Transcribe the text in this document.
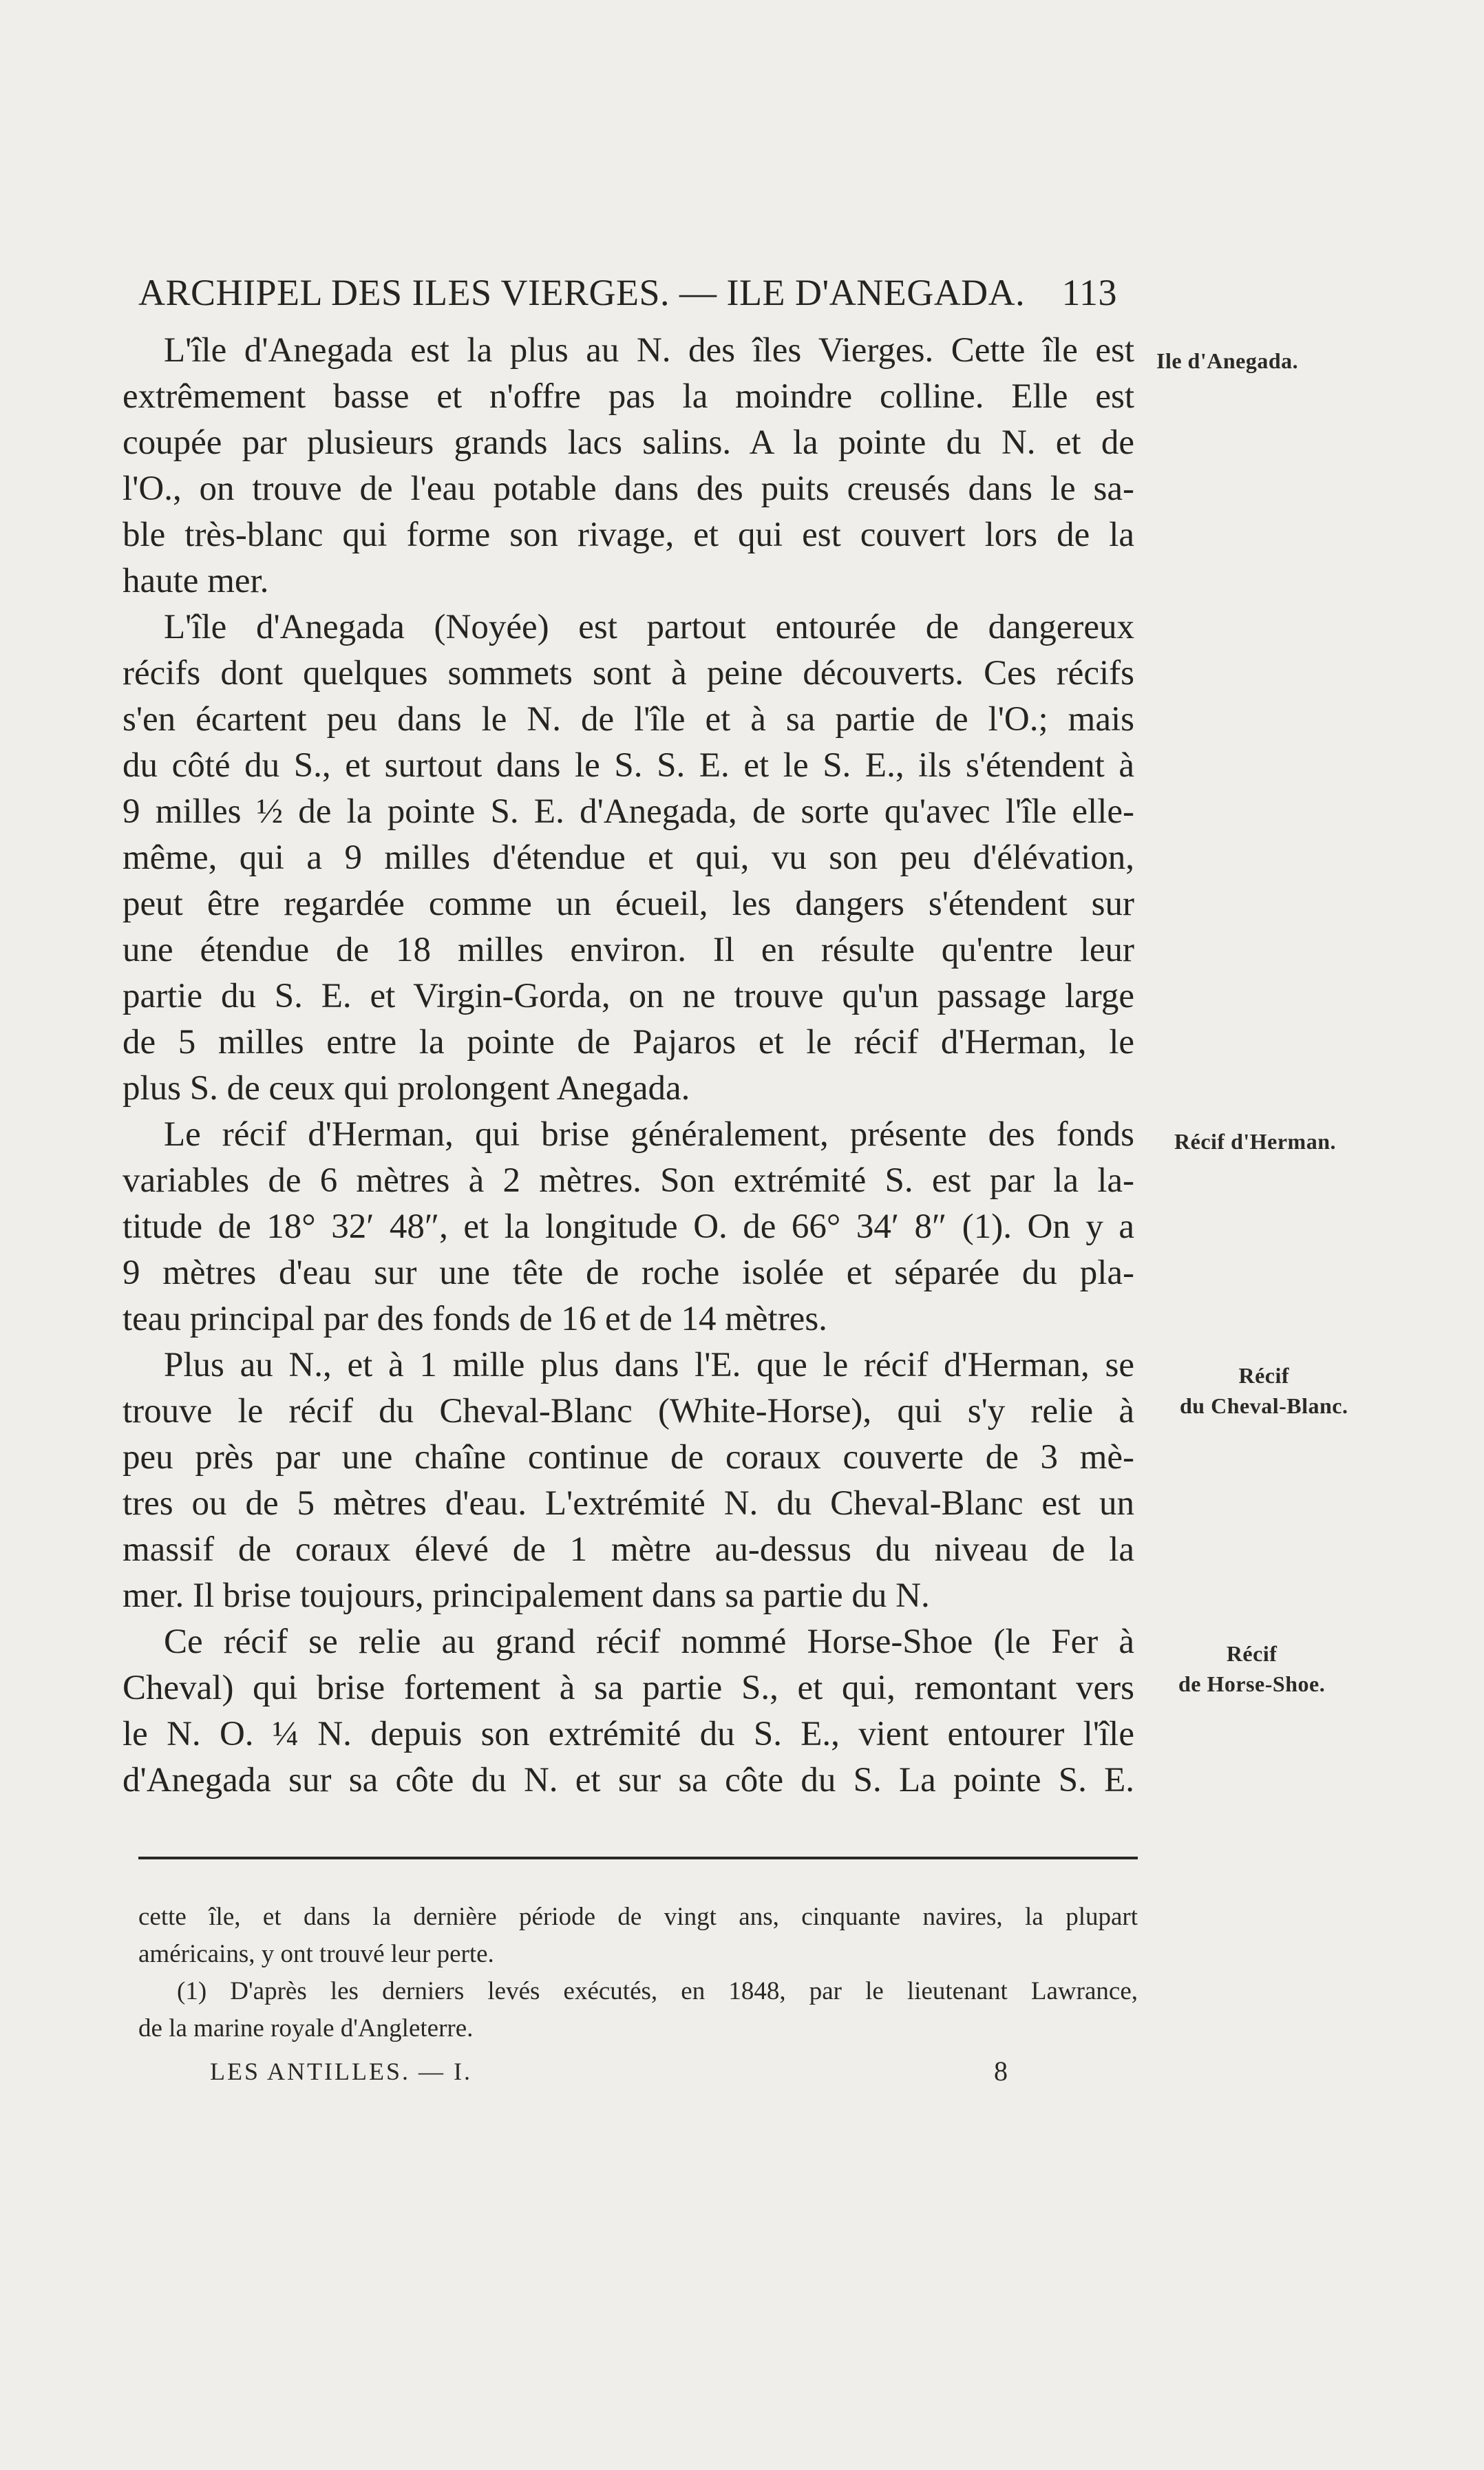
ARCHIPEL DES ILES VIERGES. — ILE D'ANEGADA. 113
L'île d'Anegada est la plus au N. des îles Vierges. Cette île est
extrêmement basse et n'offre pas la moindre colline. Elle est
coupée par plusieurs grands lacs salins. A la pointe du N. et de
l'O., on trouve de l'eau potable dans des puits creusés dans le sa-
ble très-blanc qui forme son rivage, et qui est couvert lors de la
haute mer.
L'île d'Anegada (Noyée) est partout entourée de dangereux
récifs dont quelques sommets sont à peine découverts. Ces récifs
s'en écartent peu dans le N. de l'île et à sa partie de l'O.; mais
du côté du S., et surtout dans le S. S. E. et le S. E., ils s'étendent à
9 milles ½ de la pointe S. E. d'Anegada, de sorte qu'avec l'île elle-
même, qui a 9 milles d'étendue et qui, vu son peu d'élévation,
peut être regardée comme un écueil, les dangers s'étendent sur
une étendue de 18 milles environ. Il en résulte qu'entre leur
partie du S. E. et Virgin-Gorda, on ne trouve qu'un passage large
de 5 milles entre la pointe de Pajaros et le récif d'Herman, le
plus S. de ceux qui prolongent Anegada.
Le récif d'Herman, qui brise généralement, présente des fonds
variables de 6 mètres à 2 mètres. Son extrémité S. est par la la-
titude de 18° 32′ 48″, et la longitude O. de 66° 34′ 8″ (1). On y a
9 mètres d'eau sur une tête de roche isolée et séparée du pla-
teau principal par des fonds de 16 et de 14 mètres.
Plus au N., et à 1 mille plus dans l'E. que le récif d'Herman, se
trouve le récif du Cheval-Blanc (White-Horse), qui s'y relie à
peu près par une chaîne continue de coraux couverte de 3 mè-
tres ou de 5 mètres d'eau. L'extrémité N. du Cheval-Blanc est un
massif de coraux élevé de 1 mètre au-dessus du niveau de la
mer. Il brise toujours, principalement dans sa partie du N.
Ce récif se relie au grand récif nommé Horse-Shoe (le Fer à
Cheval) qui brise fortement à sa partie S., et qui, remontant vers
le N. O. ¼ N. depuis son extrémité du S. E., vient entourer l'île
d'Anegada sur sa côte du N. et sur sa côte du S. La pointe S. E.
Ile d'Anegada.
Récif d'Herman.
Récif
du Cheval-Blanc.
Récif
de Horse-Shoe.
cette île, et dans la dernière période de vingt ans, cinquante navires, la plupart
américains, y ont trouvé leur perte.
(1) D'après les derniers levés exécutés, en 1848, par le lieutenant Lawrance,
de la marine royale d'Angleterre.
LES ANTILLES. — I.	8
